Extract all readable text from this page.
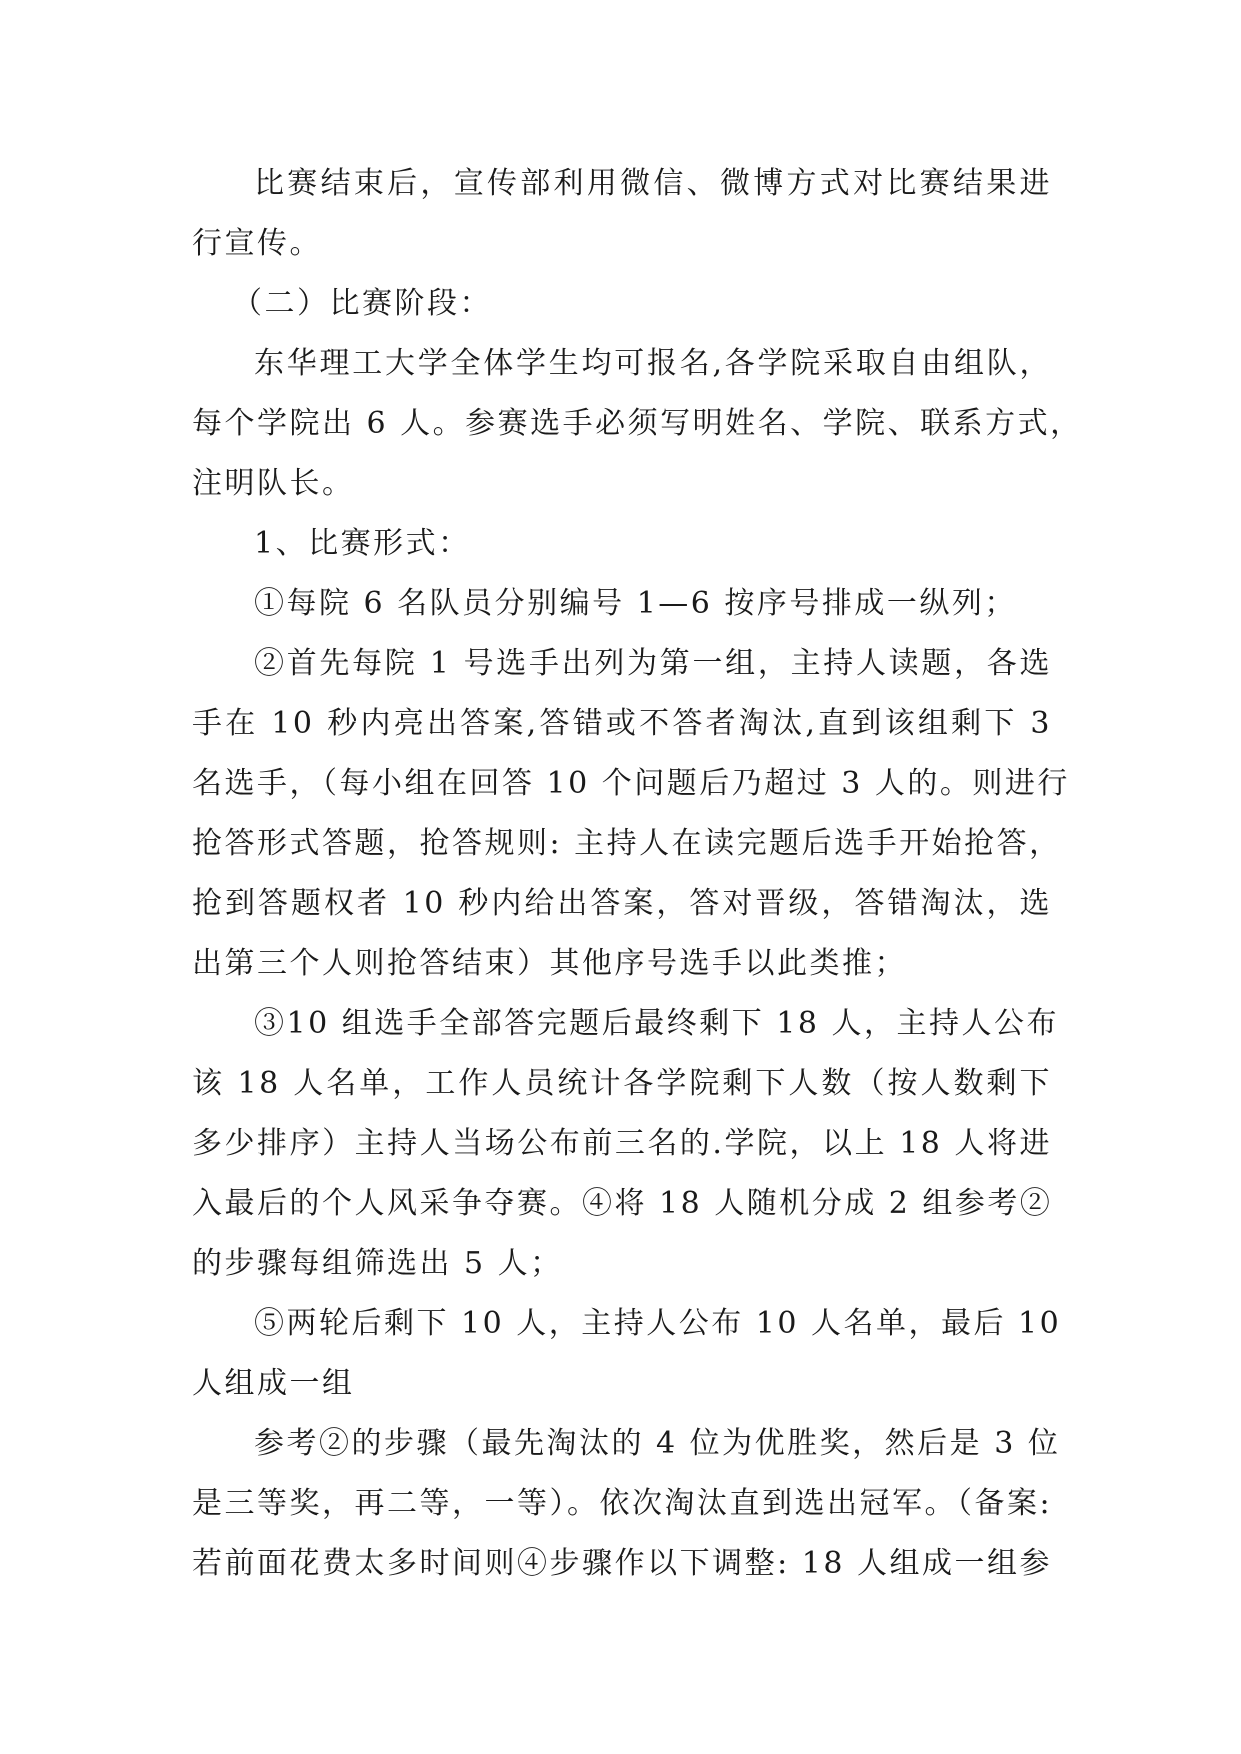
比赛结束后，宣传部利用微信、微博方式对比赛结果进
行宣传。
（二）比赛阶段：
东华理工大学全体学生均可报名,各学院采取自由组队，
每个学院出 6 人。参赛选手必须写明姓名、学院、联系方式，
注明队长。
1、比赛形式：
①每院 6 名队员分别编号 1—6 按序号排成一纵列；
②首先每院 1 号选手出列为第一组，主持人读题，各选
手在 10 秒内亮出答案,答错或不答者淘汰,直到该组剩下 3
名选手，（每小组在回答 10 个问题后乃超过 3 人的。则进行
抢答形式答题，抢答规则: 主持人在读完题后选手开始抢答，
抢到答题权者 10 秒内给出答案，答对晋级，答错淘汰，选
出第三个人则抢答结束）其他序号选手以此类推；
③10 组选手全部答完题后最终剩下 18 人，主持人公布
该 18 人名单，工作人员统计各学院剩下人数（按人数剩下
多少排序）主持人当场公布前三名的.学院，以上 18 人将进
入最后的个人风采争夺赛。④将 18 人随机分成 2 组参考②
的步骤每组筛选出 5 人；
⑤两轮后剩下 10 人，主持人公布 10 人名单，最后 10
人组成一组
参考②的步骤（最先淘汰的 4 位为优胜奖，然后是 3 位
是三等奖，再二等，一等）。依次淘汰直到选出冠军。（备案:
若前面花费太多时间则④步骤作以下调整: 18 人组成一组参
